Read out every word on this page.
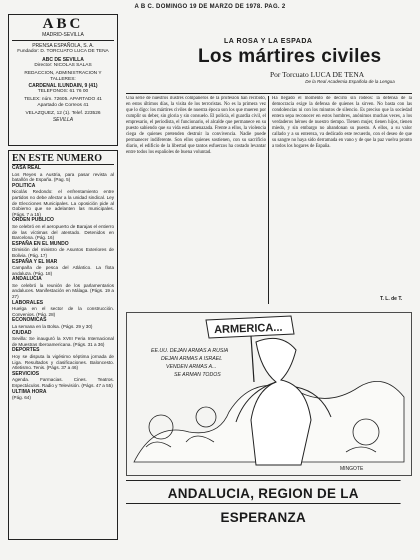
A B C. DOMINGO 19 DE MARZO DE 1978. PAG. 2
ABC
MADRID-SEVILLA
PRENSA ESPAÑOLA, S. A.
Fundador: D. TORCUATO LUCA DE TENA
ABC DE SEVILLA
Director: NICOLAS SALAS
REDACCION, ADMINISTRACION Y TALLERES:
CARDENAL ILUNDAIN, 9 (41)
TELEFONOS: 61 76 00
TELEX: núm. 72605. APARTADO 41
Apartado de Correos 41
VELAZQUEZ, 12 (1). Telef. 223526
SEVILLA
EN ESTE NUMERO
CASA REAL
Los Reyes a Austria, para pasar revista al batallón de España. (Pag. 5)
POLITICA
Nicolás Redondo: el enfrentamiento entre partidos no debe afectar a la unidad sindical. Ley de Elecciones Municipales. La oposición pide al Gobierno que se adelanten las municipales. (Págs. 7 a 15)
ORDEN PUBLICO
Se celebró en el aeropuerto de Barajas el entierro de las víctimas del atentado. Detenidos en Barcelona. (Pág. 16)
ESPAÑA EN EL MUNDO
Dimisión del ministro de Asuntos Exteriores de Bolivia. (Pág. 17)
ESPAÑA Y EL MAR
Campaña de pesca del Atlántico. La flota andaluza. (Pág. 18)
ANDALUCIA
Se celebró la reunión de los parlamentarios andaluces. Manifestación en Málaga. (Págs. 19 a 27)
LABORALES
Huelga en el sector de la construcción. Convenios. (Pág. 28)
ECONOMICAS
La semana en la Bolsa. (Págs. 29 y 30)
CIUDAD
Sevilla: Se inauguró la XVIII Feria Internacional de Muestras Iberoamericana. (Págs. 31 a 36)
DEPORTES
Hoy se disputa la vigésimo séptima jornada de Liga. Resultados y clasificaciones. Baloncesto. Atletismo. Tenis. (Págs. 37 a 46)
SERVICIOS
Agenda. Farmacias. Cines. Teatros. Espectáculos. Radio y Televisión. (Págs. 47 a 55)
ULTIMA HORA
(Pág. 64)
LA ROSA Y LA ESPADA
Los mártires civiles
Por Torcuato LUCA DE TENA
De la Real Academia Española de la Lengua
Una serie de nuestros ilustres compañeros de la profesión han recibido, en estos últimos días, la visita de los terroristas. No es la primera vez que lo digo: los mártires civiles de nuestra época son los que mueren por cumplir su deber, sin gloria y sin consuelo. El policía, el guardia civil, el empresario, el periodista, el funcionario, el alcalde que permanece en su puesto sabiendo que su vida está amenazada. Frente a ellos, la violencia ciega de quienes pretenden destruir la convivencia. Nadie puede permanecer indiferente. Son ellos quienes sostienen, con su sacrificio diario, el edificio de la libertad que tantos esfuerzos ha costado levantar entre todos los españoles de buena voluntad.
Ha llegado el momento de decirlo sin rodeos: la defensa de la democracia exige la defensa de quienes la sirven. No basta con las condolencias ni con los minutos de silencio. Es preciso que la sociedad entera sepa reconocer en estos hombres, anónimos muchas veces, a los verdaderos héroes de nuestro tiempo. Tienen mujer, tienen hijos, tienen miedo, y sin embargo no abandonan su puesto. A ellos, a su valor callado y a su entereza, va dedicado este recuerdo, con el deseo de que su sangre no haya sido derramada en vano y de que la paz vuelva pronto a todos los hogares de España.
T. L. de T.
ARMERICA...
EE.UU. DEJAN ARMAS A RUSIA
DEJAN ARMAS A ISRAEL
VENDEN ARMAS A...
SE ARMAN TODOS
MINGOTE
ANDALUCIA, REGION DE LA ESPERANZA
